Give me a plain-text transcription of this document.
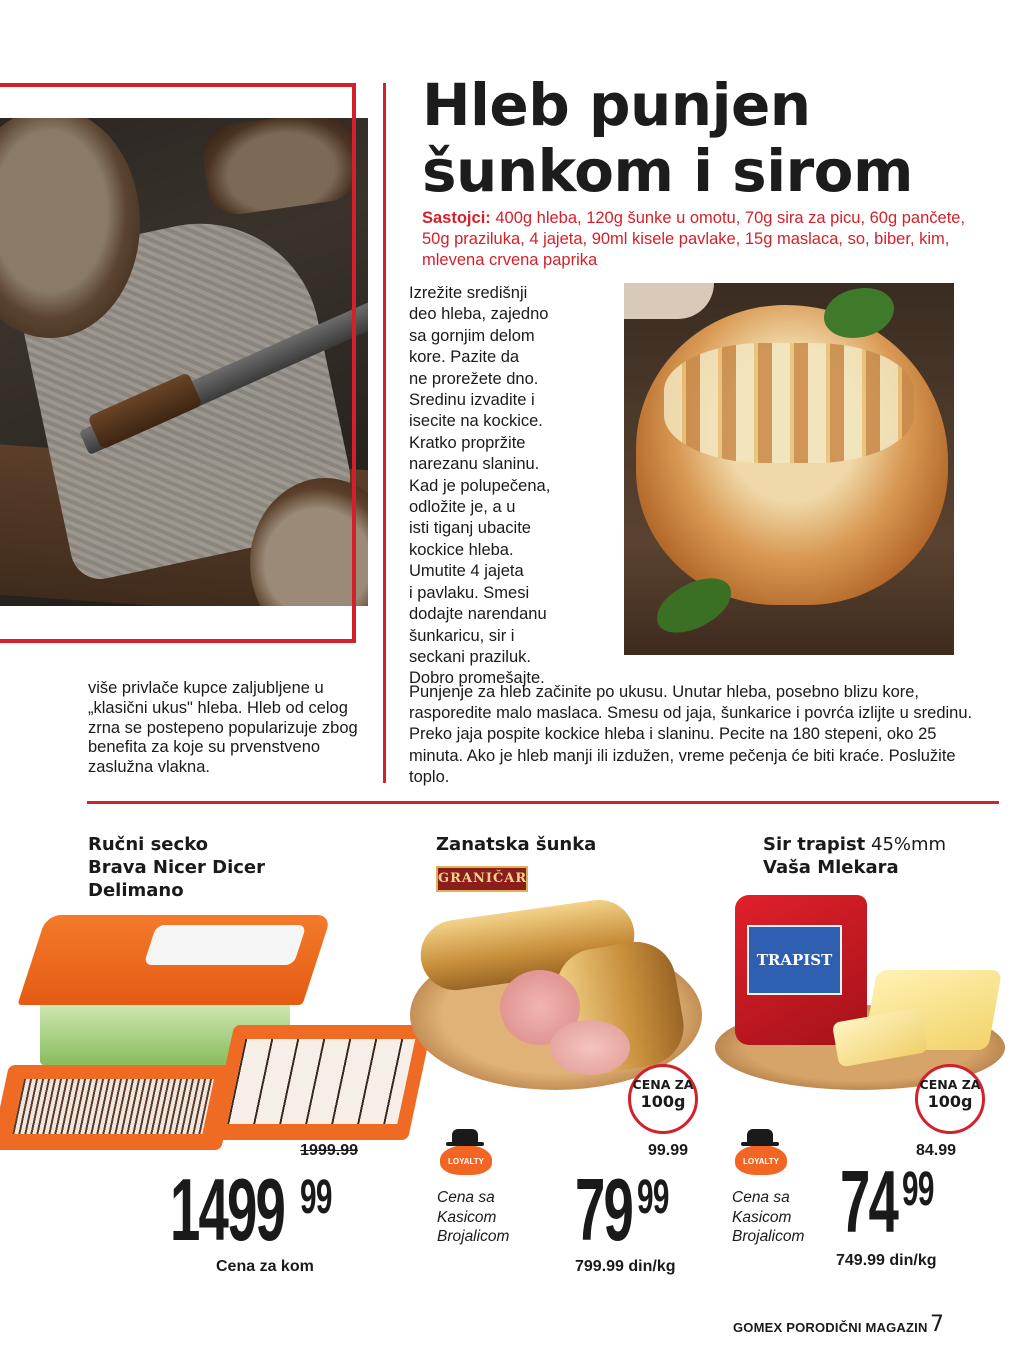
Hleb punjen
šunkom i sirom

Sastojci: 400g hleba, 120g šunke u omotu, 70g sira za picu, 60g pančete, 50g praziluka, 4 jajeta, 90ml kisele pavlake, 15g maslaca, so, biber, kim, mlevena crvena paprika

Izrežite središnji
deo hleba, zajedno
sa gornjim delom
kore. Pazite da
ne prorežete dno.
Sredinu izvadite i
isecite na kockice.
Kratko propržite
narezanu slaninu.
Kad je polupečena,
odložite je, a u
isti tiganj ubacite
kockice hleba.
Umutite 4 jajeta
i pavlaku. Smesi
dodajte narendanu
šunkaricu, sir i
seckani praziluk.
Dobro promešajte.

Punjenje za hleb začinite po ukusu. Unutar hleba, posebno blizu kore, rasporedite malo maslaca. Smesu od jaja, šunkarice i povrća izlijte u sredinu. Preko jaja pospite kockice hleba i slaninu. Pecite na 180 stepeni, oko 25 minuta. Ako je hleb manji ili izdužen, vreme pečenja će biti kraće. Poslužite toplo.

više privlače kupce zaljubljene u „klasični ukus" hleba. Hleb od celog zrna se postepeno popularizuje zbog benefita za koje su prvenstveno zaslužna vlakna.

Ručni secko
Brava Nicer Dicer
Delimano
1999.99
1499 99
Cena za kom
Zanatska šunka
GRANIČAR
CENA ZA
100g
LOYALTY
Cena sa
Kasicom
Brojalicom
99.99
79 99
799.99 din/kg
Sir trapist 45%mm
Vaša Mlekara
TRAPIST
CENA ZA
100g
LOYALTY
Cena sa
Kasicom
Brojalicom
84.99
74 99
749.99 din/kg
GOMEX PORODIČNI MAGAZIN 7
